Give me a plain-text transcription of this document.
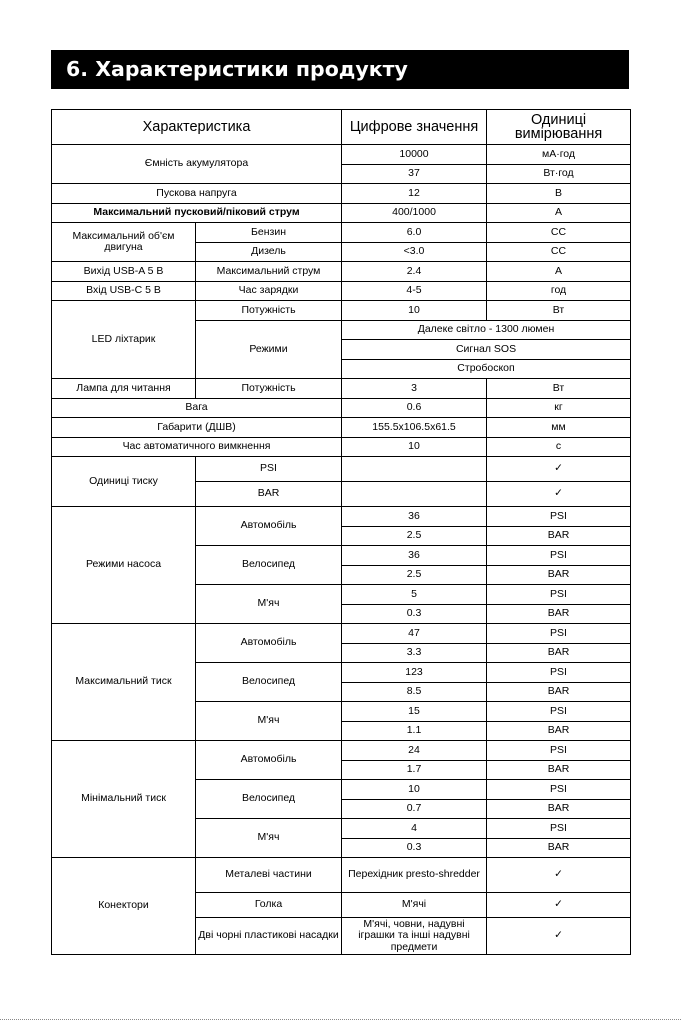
6. Характеристики продукту
Характеристика		Цифрове значення	Одиниці вимірювання
Ємність акумулятора		10000	мА·год
		37	Вт·год
Пускова напруга		12	В
Максимальний пусковий/піковий струм		400/1000	А
Максимальний об'єм двигуна	Бензин	6.0	CC
	Дизель	<3.0	CC
Вихід USB-A 5 В	Максимальний струм	2.4	А
Вхід USB-C 5 В	Час зарядки	4-5	год
LED ліхтарик	Потужність	10	Вт
	Режими	Далеке світло - 1300 люмен	
		Сигнал SOS	
		Стробоскоп	
Лампа для читання	Потужність	3	Вт
Вага		0.6	кг
Габарити (ДШВ)		155.5x106.5x61.5	мм
Час автоматичного вимкнення		10	с
Одиниці тиску	PSI		✓
	BAR		✓
Режими насоса	Автомобіль	36	PSI
		2.5	BAR
	Велосипед	36	PSI
		2.5	BAR
	М'яч	5	PSI
		0.3	BAR
Максимальний тиск	Автомобіль	47	PSI
		3.3	BAR
	Велосипед	123	PSI
		8.5	BAR
	М'яч	15	PSI
		1.1	BAR
Мінімальний тиск	Автомобіль	24	PSI
		1.7	BAR
	Велосипед	10	PSI
		0.7	BAR
	М'яч	4	PSI
		0.3	BAR
Конектори	Металеві частини	Перехідник presto-shredder	✓
	Голка	М'ячі	✓
	Дві чорні пластикові насадки	М'ячі, човни, надувні іграшки та інші надувні предмети	✓
